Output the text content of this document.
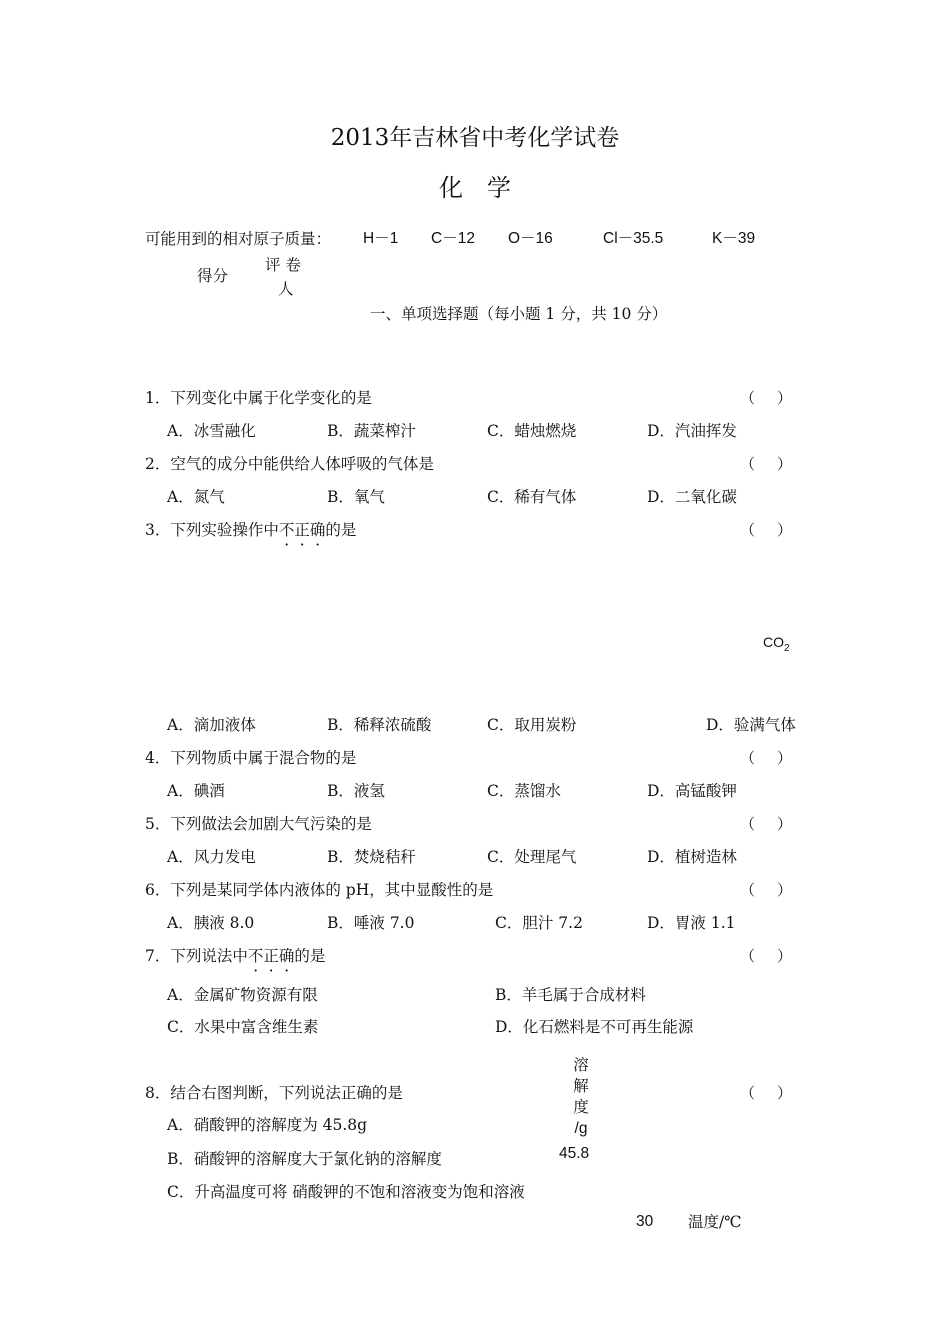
2013年吉林省中考化学试卷
化　学
可能用到的相对原子质量： H－1 C－12 O－16	Cl－35.5	K－39
得分
评 卷
人
一、单项选择题（每小题 1 分，共 10 分）
1．下列变化中属于化学变化的是	（ ）
A．冰雪融化	B．蔬菜榨汁	C．蜡烛燃烧	D．汽油挥发
2．空气的成分中能供给人体呼吸的气体是	（ ）
A．氮气	B．氧气	C．稀有气体	D．二氧化碳
3．下列实验操作中不正确的是	（ ）
$CO_2$
A．滴加液体	B．稀释浓硫酸	C．取用炭粉	D．验满气体
4．下列物质中属于混合物的是	（ ）
A．碘酒	B．液氢	C．蒸馏水	D．高锰酸钾
5．下列做法会加剧大气污染的是	（ ）
A．风力发电	B．焚烧秸秆	C．处理尾气	D．植树造林
6．下列是某同学体内液体的 pH，其中显酸性的是	（ ）
A．胰液 8.0	B．唾液 7.0	C．胆汁 7.2	D．胃液 1.1
7．下列说法中不正确的是	（ ）
A．金属矿物资源有限	B．羊毛属于合成材料
C．水果中富含维生素	D．化石燃料是不可再生能源
8．结合右图判断，下列说法正确的是	（ ）
A．硝酸钾的溶解度为 45.8g
B．硝酸钾的溶解度大于氯化钠的溶解度
C．升高温度可将 硝酸钾的不饱和溶液变为饱和溶液
溶
解
度
/g
45.8
30 温度/℃
